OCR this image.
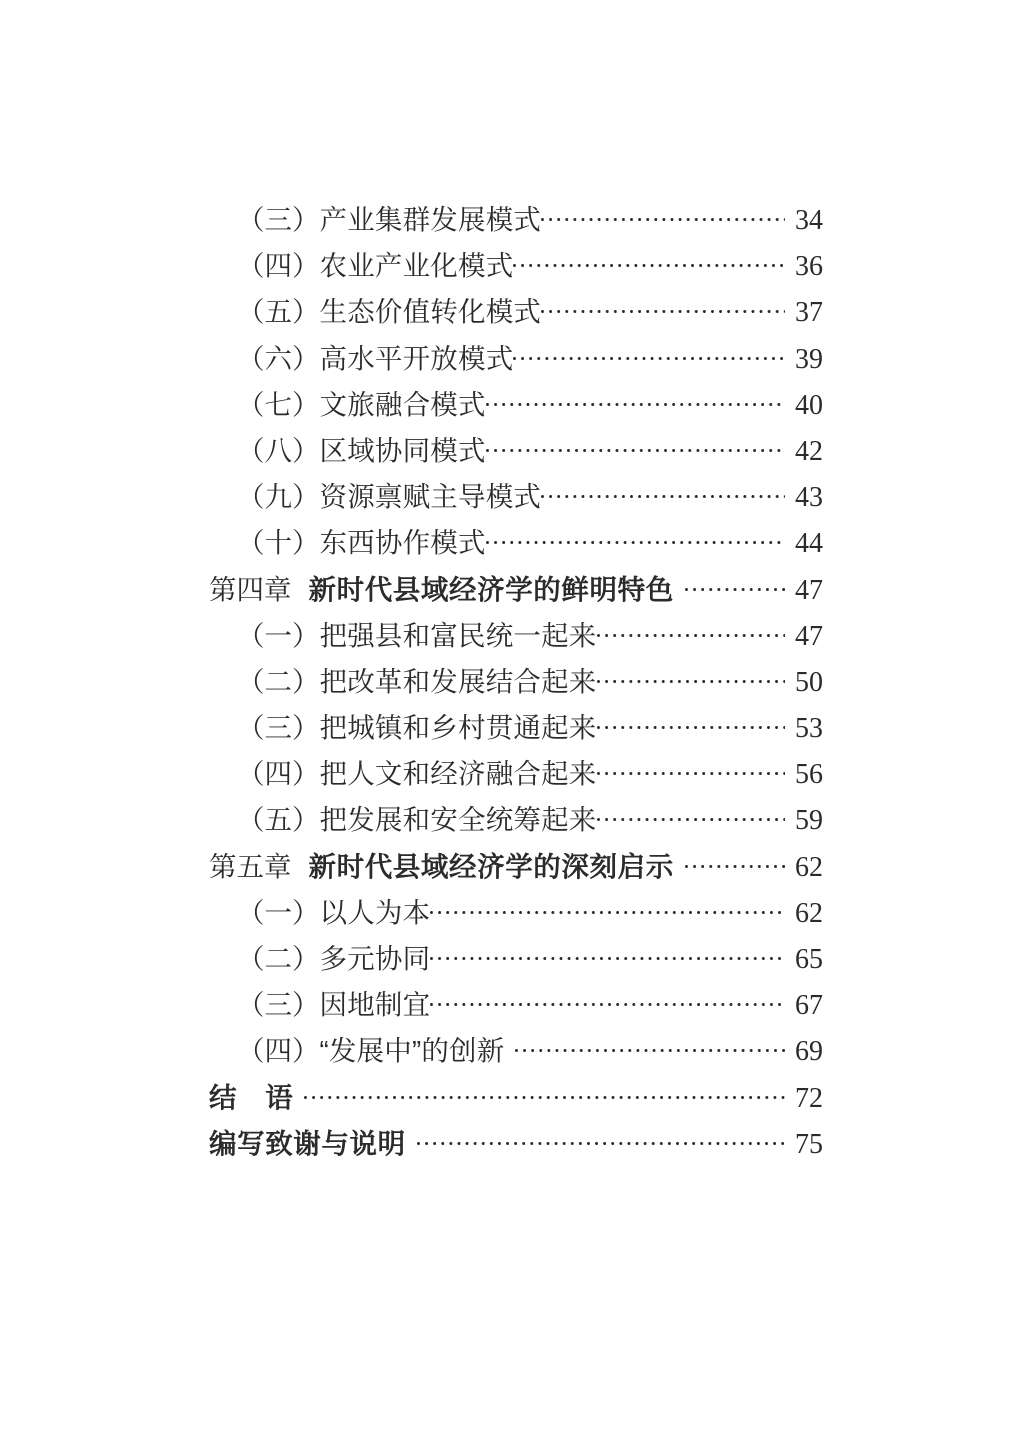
（三） 产业集群发展模式	34
（四） 农业产业化模式	36
（五） 生态价值转化模式	37
（六） 高水平开放模式	39
（七） 文旅融合模式	40
（八） 区域协同模式	42
（九） 资源禀赋主导模式	43
（十） 东西协作模式	44
第四章 新时代县域经济学的鲜明特色	47
（一） 把强县和富民统一起来	47
（二） 把改革和发展结合起来	50
（三） 把城镇和乡村贯通起来	53
（四） 把人文和经济融合起来	56
（五） 把发展和安全统筹起来	59
第五章 新时代县域经济学的深刻启示	62
（一） 以人为本	62
（二） 多元协同	65
（三） 因地制宜	67
（四） “发展中”的创新	69
结　语	72
编写致谢与说明	75
